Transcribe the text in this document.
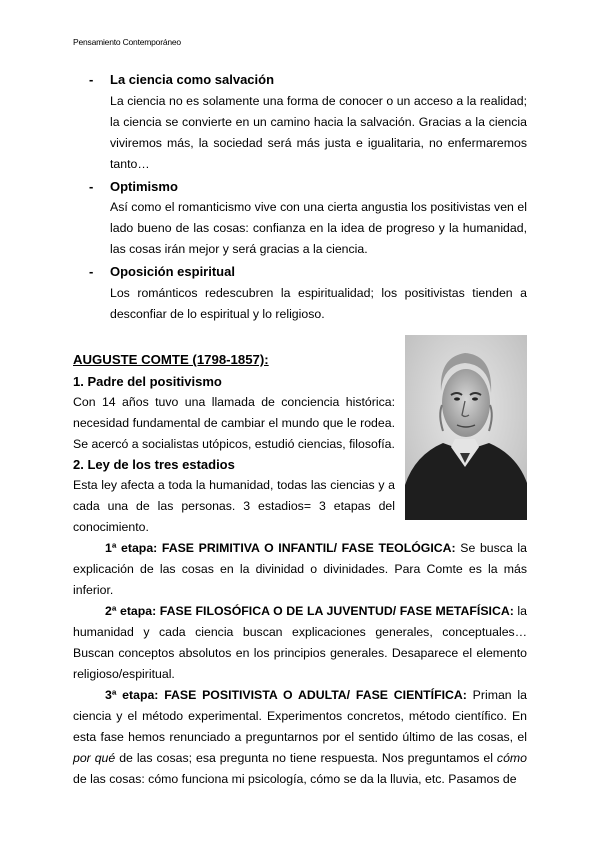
Pensamiento Contemporáneo
- La ciencia como salvación
La ciencia no es solamente una forma de conocer o un acceso a la realidad; la ciencia se convierte en un camino hacia la salvación. Gracias a la ciencia viviremos más, la sociedad será más justa e igualitaria, no enfermaremos tanto…
- Optimismo
Así como el romanticismo vive con una cierta angustia los positivistas ven el lado bueno de las cosas: confianza en la idea de progreso y la humanidad, las cosas irán mejor y será gracias a la ciencia.
- Oposición espiritual
Los románticos redescubren la espiritualidad; los positivistas tienden a desconfiar de lo espiritual y lo religioso.
AUGUSTE COMTE (1798-1857):
1. Padre del positivismo
Con 14 años tuvo una llamada de conciencia histórica: necesidad fundamental de cambiar el mundo que le rodea. Se acercó a socialistas utópicos, estudió ciencias, filosofía.
2. Ley de los tres estadios
Esta ley afecta a toda la humanidad, todas las ciencias y a cada una de las personas. 3 estadios= 3 etapas del conocimiento.
1ª etapa: FASE PRIMITIVA O INFANTIL/ FASE TEOLÓGICA: Se busca la explicación de las cosas en la divinidad o divinidades. Para Comte es la más inferior.
2ª etapa: FASE FILOSÓFICA O DE LA JUVENTUD/ FASE METAFÍSICA: la humanidad y cada ciencia buscan explicaciones generales, conceptuales… Buscan conceptos absolutos en los principios generales. Desaparece el elemento religioso/espiritual.
3ª etapa: FASE POSITIVISTA O ADULTA/ FASE CIENTÍFICA: Priman la ciencia y el método experimental. Experimentos concretos, método científico. En esta fase hemos renunciado a preguntarnos por el sentido último de las cosas, el por qué de las cosas; esa pregunta no tiene respuesta. Nos preguntamos el cómo de las cosas: cómo funciona mi psicología, cómo se da la lluvia, etc. Pasamos de
